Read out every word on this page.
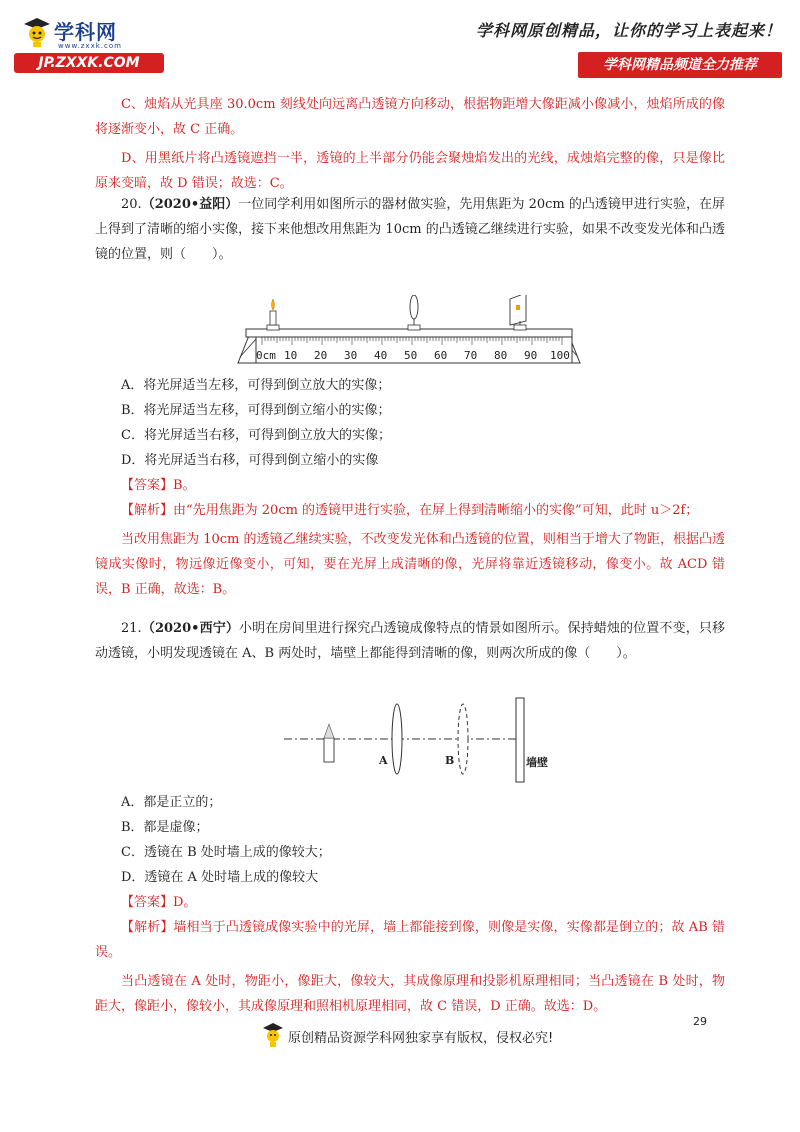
学科网
www.zxxk.com
JP.ZXXK.COM
学科网原创精品，让你的学习上表起来！
学科网精品频道全力推荐

C、烛焰从光具座 30.0cm 刻线处向远离凸透镜方向移动，根据物距增大像距减小像减小，烛焰所成的像将逐渐变小，故 C 正确。

D、用黑纸片将凸透镜遮挡一半，透镜的上半部分仍能会聚烛焰发出的光线，成烛焰完整的像，只是像比原来变暗，故 D 错误；故选：C。

20.（2020•益阳）一位同学利用如图所示的器材做实验，先用焦距为 20cm 的凸透镜甲进行实验，在屏上得到了清晰的缩小实像，接下来他想改用焦距为 10cm 的凸透镜乙继续进行实验，如果不改变发光体和凸透镜的位置，则（　　）。

0cm 10 20 30 40 50 60 70 80 90 100

A．将光屏适当左移，可得到倒立放大的实像；

B．将光屏适当左移，可得到倒立缩小的实像；

C．将光屏适当右移，可得到倒立放大的实像；

D．将光屏适当右移，可得到倒立缩小的实像

【答案】B。

【解析】由“先用焦距为 20cm 的透镜甲进行实验，在屏上得到清晰缩小的实像”可知，此时 u＞2f；

当改用焦距为 10cm 的透镜乙继续实验，不改变发光体和凸透镜的位置，则相当于增大了物距，根据凸透镜成实像时，物远像近像变小，可知，要在光屏上成清晰的像，光屏将靠近透镜移动，像变小。故 ACD 错误，B 正确，故选：B。

21.（2020•西宁）小明在房间里进行探究凸透镜成像特点的情景如图所示。保持蜡烛的位置不变，只移动透镜，小明发现透镜在 A、B 两处时，墙壁上都能得到清晰的像，则两次所成的像（　　）。

A	B	墙壁

A．都是正立的；

B．都是虚像；

C．透镜在 B 处时墙上成的像较大；

D．透镜在 A 处时墙上成的像较大

【答案】D。

【解析】墙相当于凸透镜成像实验中的光屏，墙上都能接到像，则像是实像，实像都是倒立的；故 AB 错误。

当凸透镜在 A 处时，物距小，像距大，像较大，其成像原理和投影机原理相同；当凸透镜在 B 处时，物距大，像距小，像较小，其成像原理和照相机原理相同，故 C 错误，D 正确。故选：D。

29
原创精品资源学科网独家享有版权，侵权必究!
